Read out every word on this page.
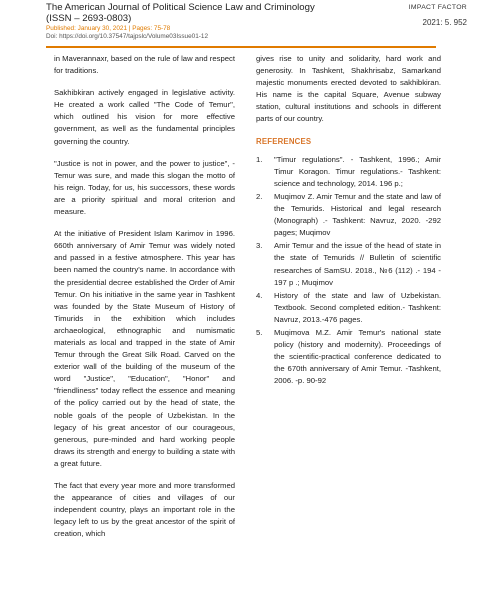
The American Journal of Political Science Law and Criminology
(ISSN – 2693-0803)
Published: January 30, 2021 | Pages: 75-78
Doi: https://doi.org/10.37547/tajpslc/Volume03Issue01-12
IMPACT FACTOR
2021: 5. 952

in Maverannaxr, based on the rule of law and respect for traditions.

Sakhibkiran actively engaged in legislative activity. He created a work called "The Code of Temur", which outlined his vision for more effective government, as well as the fundamental principles governing the country.

"Justice is not in power, and the power to justice", - Temur was sure, and made this slogan the motto of his reign. Today, for us, his successors, these words are a priority spiritual and moral criterion and measure.

At the initiative of President Islam Karimov in 1996. 660th anniversary of Amir Temur was widely noted and passed in a festive atmosphere. This year has been named the country's name. In accordance with the presidential decree established the Order of Amir Temur. On his initiative in the same year in Tashkent was founded by the State Museum of History of Timurids in the exhibition which includes archaeological, ethnographic and numismatic materials as local and trapped in the state of Amir Temur through the Great Silk Road. Carved on the exterior wall of the building of the museum of the word "Justice", "Education", "Honor" and "friendliness" today reflect the essence and meaning of the policy carried out by the head of state, the noble goals of the people of Uzbekistan. In the legacy of his great ancestor of our courageous, generous, pure-minded and hard working people draws its strength and energy to building a state with a great future.

The fact that every year more and more transformed the appearance of cities and villages of our independent country, plays an important role in the legacy left to us by the great ancestor of the spirit of creation, which

gives rise to unity and solidarity, hard work and generosity. In Tashkent, Shakhrisabz, Samarkand majestic monuments erected devoted to sakhibkiran. His name is the capital Square, Avenue subway station, cultural institutions and schools in different parts of our country.

REFERENCES
1.	"Timur regulations". - Tashkent, 1996.; Amir Timur Koragon. Timur regulations.- Tashkent: science and technology, 2014. 196 p.;
2.	Muqimov Z. Amir Temur and the state and law of the Temurids. Historical and legal research (Monograph) .- Tashkent: Navruz, 2020. -292 pages; Muqimov
3.	Amir Temur and the issue of the head of state in the state of Temurids // Bulletin of scientific researches of SamSU. 2018., №6 (112) .- 194 - 197 p .; Muqimov
4.	History of the state and law of Uzbekistan. Textbook. Second completed edition.- Tashkent: Navruz, 2013.-476 pages.
5.	Muqimova M.Z. Amir Temur's national state policy (history and modernity). Proceedings of the scientific-practical conference dedicated to the 670th anniversary of Amir Temur. -Tashkent, 2006. -p. 90-92
